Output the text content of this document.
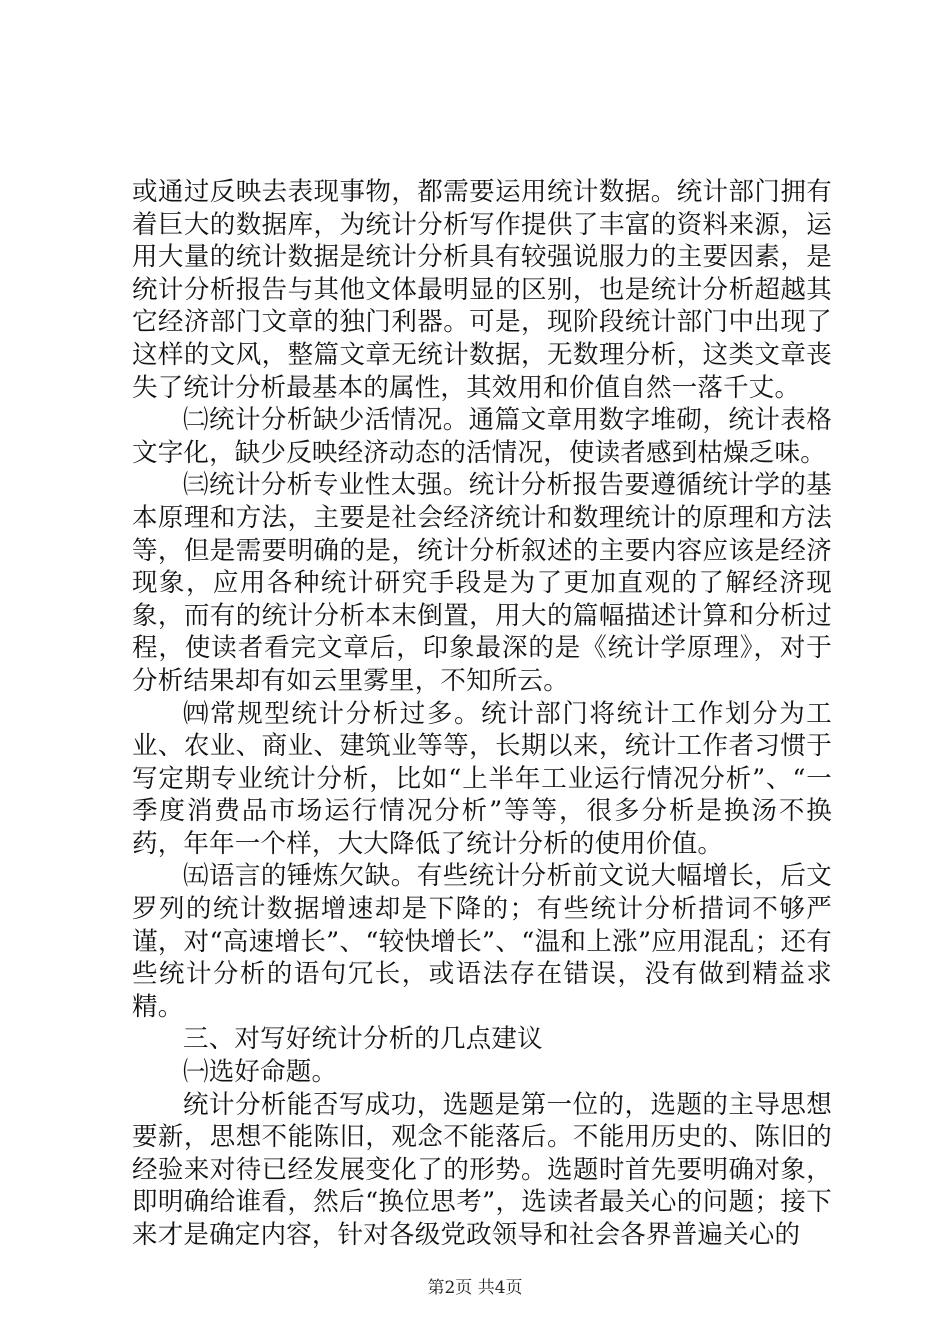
或通过反映去表现事物，都需要运用统计数据。统计部门拥有着巨大的数据库，为统计分析写作提供了丰富的资料来源，运用大量的统计数据是统计分析具有较强说服力的主要因素，是统计分析报告与其他文体最明显的区别，也是统计分析超越其它经济部门文章的独门利器。可是，现阶段统计部门中出现了这样的文风，整篇文章无统计数据，无数理分析，这类文章丧失了统计分析最基本的属性，其效用和价值自然一落千丈。

㈡统计分析缺少活情况。通篇文章用数字堆砌，统计表格文字化，缺少反映经济动态的活情况，使读者感到枯燥乏味。

㈢统计分析专业性太强。统计分析报告要遵循统计学的基本原理和方法，主要是社会经济统计和数理统计的原理和方法等，但是需要明确的是，统计分析叙述的主要内容应该是经济现象，应用各种统计研究手段是为了更加直观的了解经济现象，而有的统计分析本末倒置，用大的篇幅描述计算和分析过程，使读者看完文章后，印象最深的是《统计学原理》，对于分析结果却有如云里雾里，不知所云。

㈣常规型统计分析过多。统计部门将统计工作划分为工业、农业、商业、建筑业等等，长期以来，统计工作者习惯于写定期专业统计分析，比如“上半年工业运行情况分析”、“一季度消费品市场运行情况分析”等等，很多分析是换汤不换药，年年一个样，大大降低了统计分析的使用价值。

㈤语言的锤炼欠缺。有些统计分析前文说大幅增长，后文罗列的统计数据增速却是下降的；有些统计分析措词不够严谨，对“高速增长”、“较快增长”、“温和上涨”应用混乱；还有些统计分析的语句冗长，或语法存在错误，没有做到精益求精。

三、对写好统计分析的几点建议

㈠选好命题。

统计分析能否写成功，选题是第一位的，选题的主导思想要新，思想不能陈旧，观念不能落后。不能用历史的、陈旧的经验来对待已经发展变化了的形势。选题时首先要明确对象，即明确给谁看，然后“换位思考”，选读者最关心的问题；接下来才是确定内容，针对各级党政领导和社会各界普遍关心的

第2页 共4页
